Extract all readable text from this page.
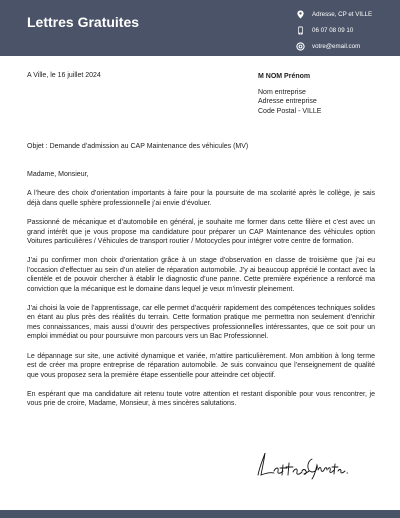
Lettres Gratuites	Adresse, CP et VILLE
06 07 08 09 10
votre@email.com
A Ville, le 16 juillet 2024	M NOM Prénom
Nom entreprise
Adresse entreprise
Code Postal - VILLE
Objet : Demande d’admission au CAP Maintenance des véhicules (MV)

Madame, Monsieur,

A l’heure des choix d’orientation importants à faire pour la poursuite de ma scolarité après le collège, je sais déjà dans quelle sphère professionnelle j’ai envie d’évoluer.

Passionné de mécanique et d’automobile en général, je souhaite me former dans cette filière et c’est avec un grand intérêt que je vous propose ma candidature pour préparer un CAP Maintenance des véhicules option Voitures particulières / Véhicules de transport routier / Motocycles pour intégrer votre centre de formation.

J’ai pu confirmer mon choix d’orientation grâce à un stage d’observation en classe de troisième que j’ai eu l’occasion d’effectuer au sein d’un atelier de réparation automobile. J’y ai beaucoup apprécié le contact avec la clientèle et de pouvoir chercher à établir le diagnostic d’une panne. Cette première expérience a renforcé ma conviction que la mécanique est le domaine dans lequel je veux m’investir pleinement.

J’ai choisi la voie de l’apprentissage, car elle permet d’acquérir rapidement des compétences techniques solides en étant au plus près des réalités du terrain. Cette formation pratique me permettra non seulement d’enrichir mes connaissances, mais aussi d’ouvrir des perspectives professionnelles intéressantes, que ce soit pour un emploi immédiat ou pour poursuivre mon parcours vers un Bac Professionnel.

Le dépannage sur site, une activité dynamique et variée, m’attire particulièrement. Mon ambition à long terme est de créer ma propre entreprise de réparation automobile. Je suis convaincu que l’enseignement de qualité que vous proposez sera la première étape essentielle pour atteindre cet objectif.

En espérant que ma candidature ait retenu toute votre attention et restant disponible pour vous rencontrer, je vous prie de croire, Madame, Monsieur, à mes sincères salutations.
